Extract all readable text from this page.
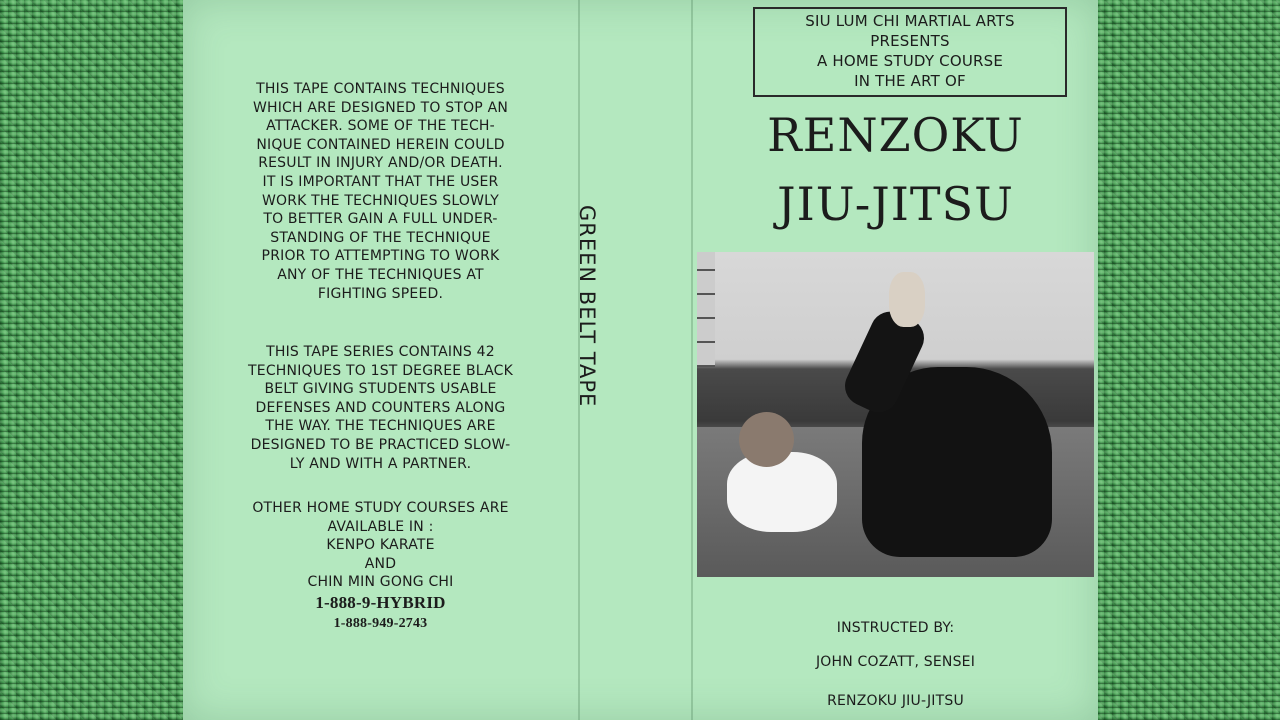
THIS TAPE CONTAINS TECHNIQUES
WHICH ARE DESIGNED TO STOP AN
ATTACKER. SOME OF THE TECH-
NIQUE CONTAINED HEREIN COULD
RESULT IN INJURY AND/OR DEATH.
IT IS IMPORTANT THAT THE USER
WORK THE TECHNIQUES SLOWLY
TO BETTER GAIN A FULL UNDER-
STANDING OF THE TECHNIQUE
PRIOR TO ATTEMPTING TO WORK
ANY OF THE TECHNIQUES AT
FIGHTING SPEED.
THIS TAPE SERIES CONTAINS 42
TECHNIQUES TO 1ST DEGREE BLACK
BELT GIVING STUDENTS USABLE
DEFENSES AND COUNTERS ALONG
THE WAY. THE TECHNIQUES ARE
DESIGNED TO BE PRACTICED SLOW-
LY AND WITH A PARTNER.
OTHER HOME STUDY COURSES ARE
AVAILABLE IN :
KENPO KARATE
AND
CHIN MIN GONG CHI
1-888-9-HYBRID
1-888-949-2743
GREEN BELT TAPE
SIU LUM CHI MARTIAL ARTS
PRESENTS
A HOME STUDY COURSE
IN THE ART OF
RENZOKU
JIU-JITSU
INSTRUCTED BY:
JOHN COZATT, SENSEI
RENZOKU JIU-JITSU
